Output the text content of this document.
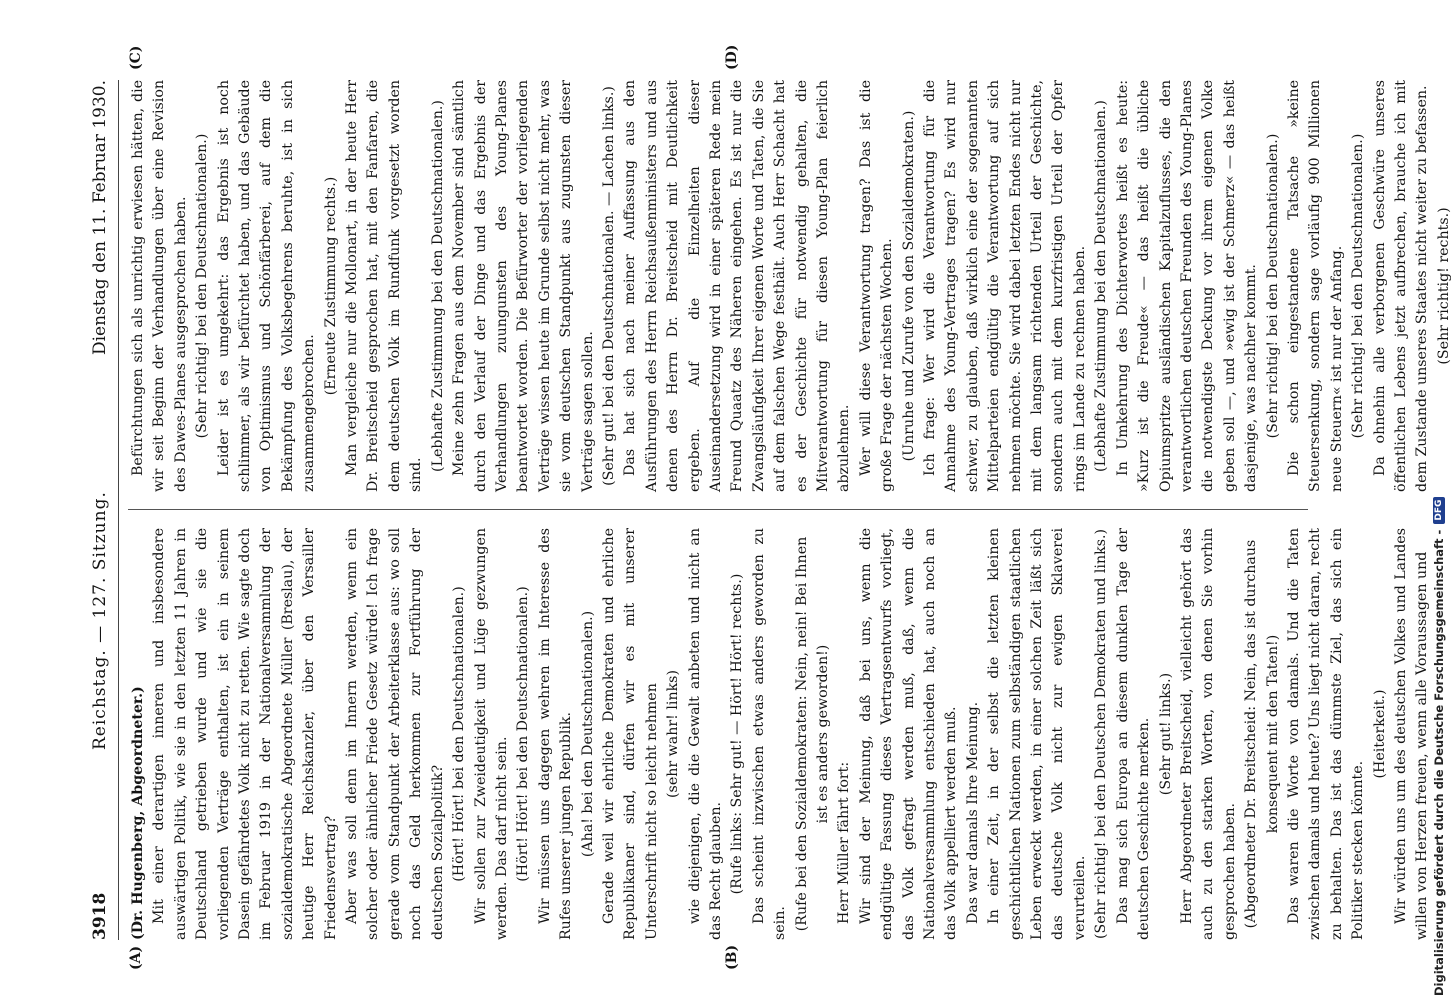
3918
Reichstag. — 127. Sitzung.
Dienstag den 11. Februar 1930.
(A)	(B)
(C)	(D)

(Dr. Hugenberg, Abgeordneter.) Mit einer derartigen inneren und insbesondere auswärtigen Politik, wie sie in den letzten 11 Jahren in Deutschland getrieben wurde und wie sie die vorliegenden Verträge enthalten, ist ein in seinem Dasein gefährdetes Volk nicht zu retten. Wie sagte doch im Februar 1919 in der Nationalversammlung der sozialdemokratische Abgeordnete Müller (Breslau), der heutige Herr Reichskanzler, über den Versailler Friedensvertrag? Aber was soll denn im Innern werden, wenn ein solcher oder ähnlicher Friede Gesetz würde! Ich frage gerade vom Standpunkt der Arbeiterklasse aus: wo soll noch das Geld herkommen zur Fortführung der deutschen Sozialpolitik? (Hört! Hört! bei den Deutschnationalen.) Wir sollen zur Zweideutigkeit und Lüge gezwungen werden. Das darf nicht sein. (Hört! Hört! bei den Deutschnationalen.) Wir müssen uns dagegen wehren im Interesse des Rufes unserer jungen Republik. (Aha! bei den Deutschnationalen.) Gerade weil wir ehrliche Demokraten und ehrliche Republikaner sind, dürfen wir es mit unserer Unterschrift nicht so leicht nehmen (sehr wahr! links) wie diejenigen, die die Gewalt anbeten und nicht an das Recht glauben. (Rufe links: Sehr gut! — Hört! Hört! rechts.) Das scheint inzwischen etwas anders geworden zu sein. (Rufe bei den Sozialdemokraten: Nein, nein! Bei Ihnen ist es anders geworden!)

Herr Müller fährt fort: Wir sind der Meinung, daß bei uns, wenn die endgültige Fassung dieses Vertragsentwurfs vorliegt, das Volk gefragt werden muß, daß, wenn die Nationalversammlung entschieden hat, auch noch an das Volk appelliert werden muß. Das war damals Ihre Meinung. In einer Zeit, in der selbst die letzten kleinen geschichtlichen Nationen zum selbständigen staatlichen Leben erweckt werden, in einer solchen Zeit läßt sich das deutsche Volk nicht zur ewigen Sklaverei verurteilen. (Sehr richtig! bei den Deutschen Demokraten und links.) Das mag sich Europa an diesem dunklen Tage der deutschen Geschichte merken. (Sehr gut! links.) Herr Abgeordneter Breitscheid, vielleicht gehört das auch zu den starken Worten, von denen Sie vorhin gesprochen haben. (Abgeordneter Dr. Breitscheid: Nein, das ist durchaus konsequent mit den Taten!) Das waren die Worte von damals. Und die Taten zwischen damals und heute? Uns liegt nicht daran, recht zu behalten. Das ist das dümmste Ziel, das sich ein Politiker stecken könnte.

(Heiterkeit.) Wir würden uns um des deutschen Volkes und Landes willen von Herzen freuen, wenn alle Voraussagen und

Befürchtungen sich als unrichtig erwiesen hätten, die wir seit Beginn der Verhandlungen über eine Revision des Dawes-Planes ausgesprochen haben. (Sehr richtig! bei den Deutschnationalen.) Leider ist es umgekehrt: das Ergebnis ist noch schlimmer, als wir befürchtet haben, und das Gebäude von Optimismus und Schönfärberei, auf dem die Bekämpfung des Volksbegehrens beruhte, ist in sich zusammengebrochen.

(Erneute Zustimmung rechts.) Man vergleiche nur die Mollonart, in der heute Herr Dr. Breitscheid gesprochen hat, mit den Fanfaren, die dem deutschen Volk im Rundfunk vorgesetzt worden sind.

(Lebhafte Zustimmung bei den Deutschnationalen.) Meine zehn Fragen aus dem November sind sämtlich durch den Verlauf der Dinge und das Ergebnis der Verhandlungen zuungunsten des Young-Planes beantwortet worden. Die Befürworter der vorliegenden Verträge wissen heute im Grunde selbst nicht mehr, was sie vom deutschen Standpunkt aus zugunsten dieser Verträge sagen sollen. (Sehr gut! bei den Deutschnationalen. — Lachen links.) Das hat sich nach meiner Auffassung aus den Ausführungen des Herrn Reichsaußenministers und aus denen des Herrn Dr. Breitscheid mit Deutlichkeit ergeben. Auf die Einzelheiten dieser Auseinandersetzung wird in einer späteren Rede mein Freund Quaatz des Näheren eingehen. Es ist nur die Zwangsläufigkeit Ihrer eigenen Worte und Taten, die Sie auf dem falschen Wege festhält. Auch Herr Schacht hat es der Geschichte für notwendig gehalten, die Mitverantwortung für diesen Young-Plan feierlich abzulehnen. Wer will diese Verantwortung tragen? Das ist die große Frage der nächsten Wochen. (Unruhe und Zurufe von den Sozialdemokraten.) Ich frage: Wer wird die Verantwortung für die Annahme des Young-Vertrages tragen? Es wird nur schwer, zu glauben, daß wirklich eine der sogenannten Mittelparteien endgültig die Verantwortung auf sich nehmen möchte. Sie wird dabei letzten Endes nicht nur mit dem langsam richtenden Urteil der Geschichte, sondern auch mit dem kurzfristigen Urteil der Opfer rings im Lande zu rechnen haben. (Lebhafte Zustimmung bei den Deutschnationalen.) In Umkehrung des Dichterwortes heißt es heute: »Kurz ist die Freude« — das heißt die übliche Opiumspritze ausländischen Kapitalzuflusses, die den verantwortlichen deutschen Freunden des Young-Planes die notwendigste Deckung vor ihrem eigenen Volke geben soll —, und »ewig ist der Schmerz« — das heißt dasjenige, was nachher kommt. (Sehr richtig! bei den Deutschnationalen.) Die schon eingestandene Tatsache »keine Steuersenkung, sondern sage vorläufig 900 Millionen neue Steuern« ist nur der Anfang. (Sehr richtig! bei den Deutschnationalen.) Da ohnehin alle verborgenen Geschwüre unseres öffentlichen Lebens jetzt aufbrechen, brauche ich mit dem Zustande unseres Staates nicht weiter zu befassen. (Sehr richtig! rechts.)

Digitalisierung gefördert durch die Deutsche Forschungsgemeinschaft -
DFG
